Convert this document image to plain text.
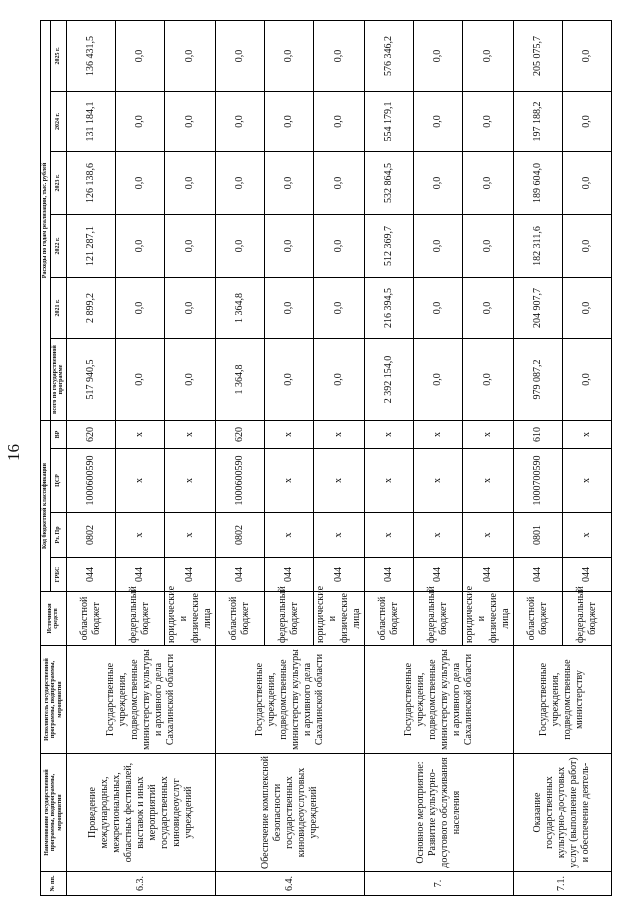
16
№ пп.	Наименование государственной программы, подпрограммы, мероприятия	Исполнитель государственной программы, подпрограммы, мероприятия	Источники средств	Код бюджетной классификации				Расходы по годам реализации, тыс. рублей					
				ГРБС	Рз. Пр	ЦСР	ВР	всего по государственной программе	2021 г.	2022 г.	2023 г.	2024 г.	2025 г.
6.3.	Проведение международных, межрегиональных, областных фестивалей, выставок и иных мероприятий государственных киновидеоуслуг учреждений	Государственные учреждения, подведомственные министерству культуры и архивного дела Сахалинской области	областной бюджет	044	0802	1000600590	620	517 940,5	2 899,2	121 287,1	126 138,6	131 184,1	136 431,5
			федеральный бюджет	044	x	x	x	0,0	0,0	0,0	0,0	0,0	0,0
			юридические и физические лица	044	x	x	x	0,0	0,0	0,0	0,0	0,0	0,0
6.4.	Обеспечение комплексной безопасности государственных киновидеоуслуговых учреждений	Государственные учреждения, подведомственные министерству культуры и архивного дела Сахалинской области	областной бюджет	044	0802	1000600590	620	1 364,8	1 364,8	0,0	0,0	0,0	0,0
			федеральный бюджет	044	x	x	x	0,0	0,0	0,0	0,0	0,0	0,0
			юридические и физические лица	044	x	x	x	0,0	0,0	0,0	0,0	0,0	0,0
7.	Основное мероприятие: Развитие культурно-досугового обслуживания населения	Государственные учреждения, подведомственные министерству культуры и архивного дела Сахалинской области	областной бюджет	044	x	x	x	2 392 154,0	216 394,5	512 369,7	532 864,5	554 179,1	576 346,2
			федеральный бюджет	044	x	x	x	0,0	0,0	0,0	0,0	0,0	0,0
			юридические и физические лица	044	x	x	x	0,0	0,0	0,0	0,0	0,0	0,0
7.1.	Оказание государственных культурно-досуговых услуг (выполнение работ) и обеспечение деятель-	Государственные учреждения, подведомственные министерству	областной бюджет	044	0801	1000700590	610	979 087,2	204 907,7	182 311,6	189 604,0	197 188,2	205 075,7
			федеральный бюджет	044	x	x	x	0,0	0,0	0,0	0,0	0,0	0,0
